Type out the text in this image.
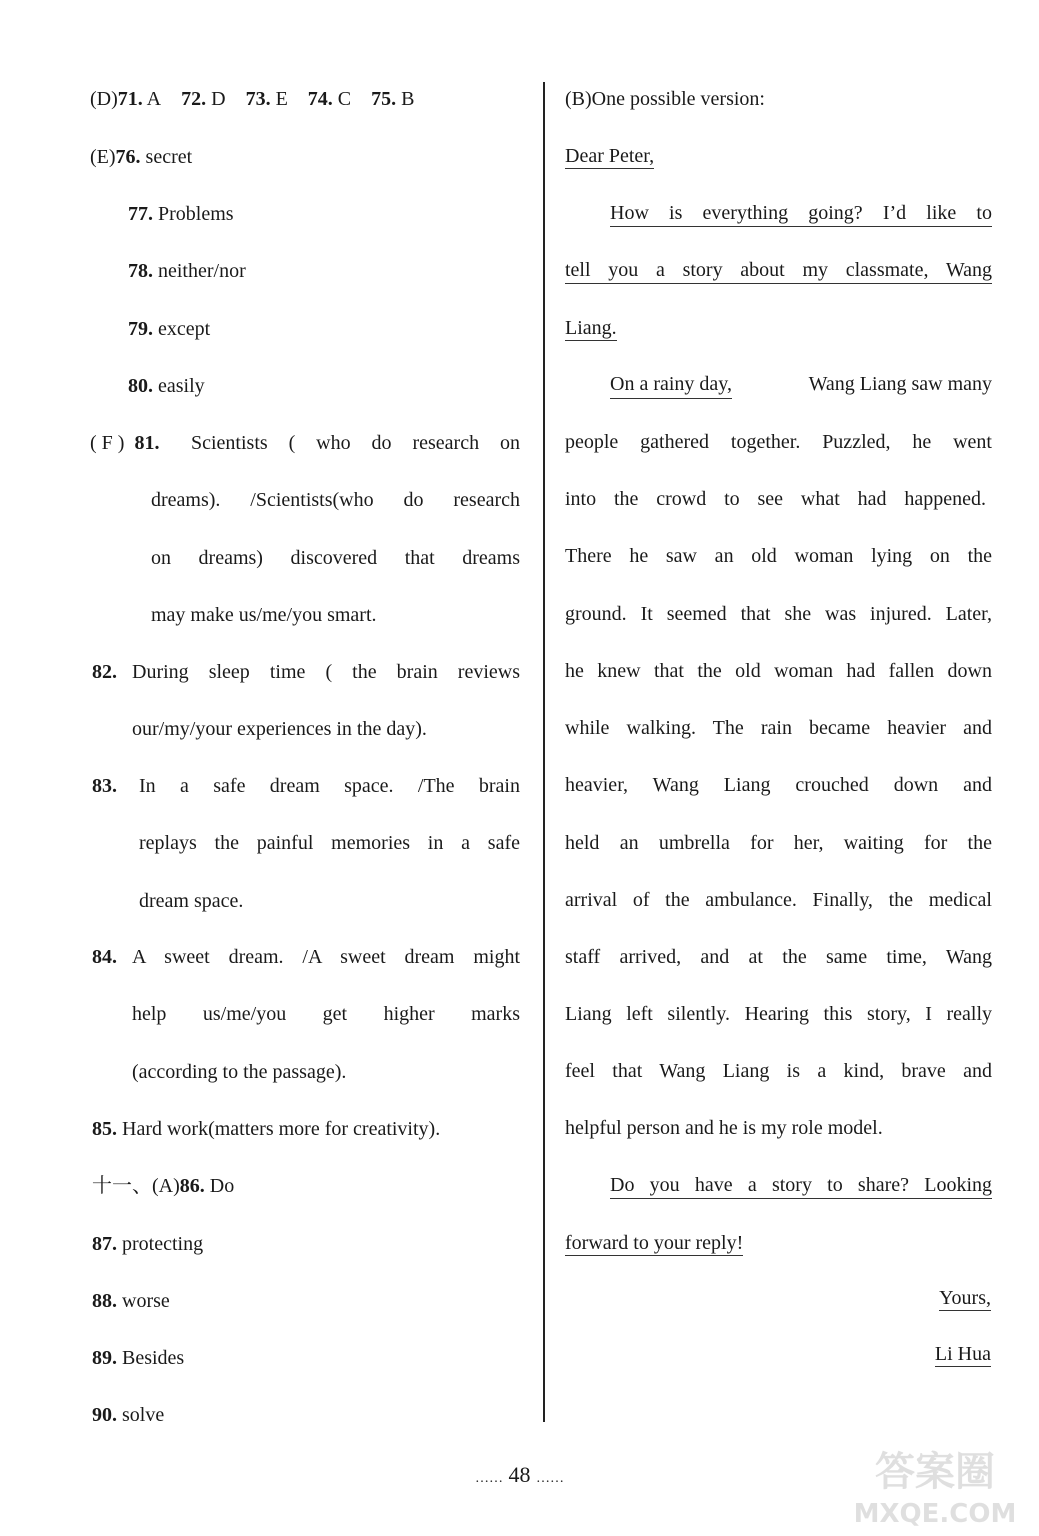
(D)71. A 72. D 73. E 74. C 75. B
(E)76. secret
77. Problems
78. neither/nor
79. except
80. easily
( F )  81. Scientists ( who do research on
dreams). /Scientists(who do research
on dreams) discovered that dreams
may make us/me/you smart.
82. During sleep time ( the brain reviews
our/my/your experiences in the day).
83. In a safe dream space. /The brain
replays the painful memories in a safe
dream space.
84. A sweet dream. /A sweet dream might
help us/me/you get higher marks
(according to the passage).
85. Hard work(matters more for creativity).
十一、(A)86. Do
87. protecting
88. worse
89. Besides
90. solve
(B)One possible version:
Dear Peter,
How is everything going? I’d like to
tell you a story about my classmate, Wang
Liang.
On a rainy day,	Wang Liang saw many
people gathered together. Puzzled, he went
into the crowd to see what had happened.
There he saw an old woman lying on the
ground. It seemed that she was injured. Later,
he knew that the old woman had fallen down
while walking. The rain became heavier and
heavier, Wang Liang crouched down and
held an umbrella for her, waiting for the
arrival of the ambulance. Finally, the medical
staff arrived, and at the same time, Wang
Liang left silently. Hearing this story, I really
feel that Wang Liang is a kind, brave and
helpful person and he is my role model.
Do you have a story to share? Looking
forward to your reply!
Yours,
Li Hua
…… 48 ……	答案圈
MXQE.COM
